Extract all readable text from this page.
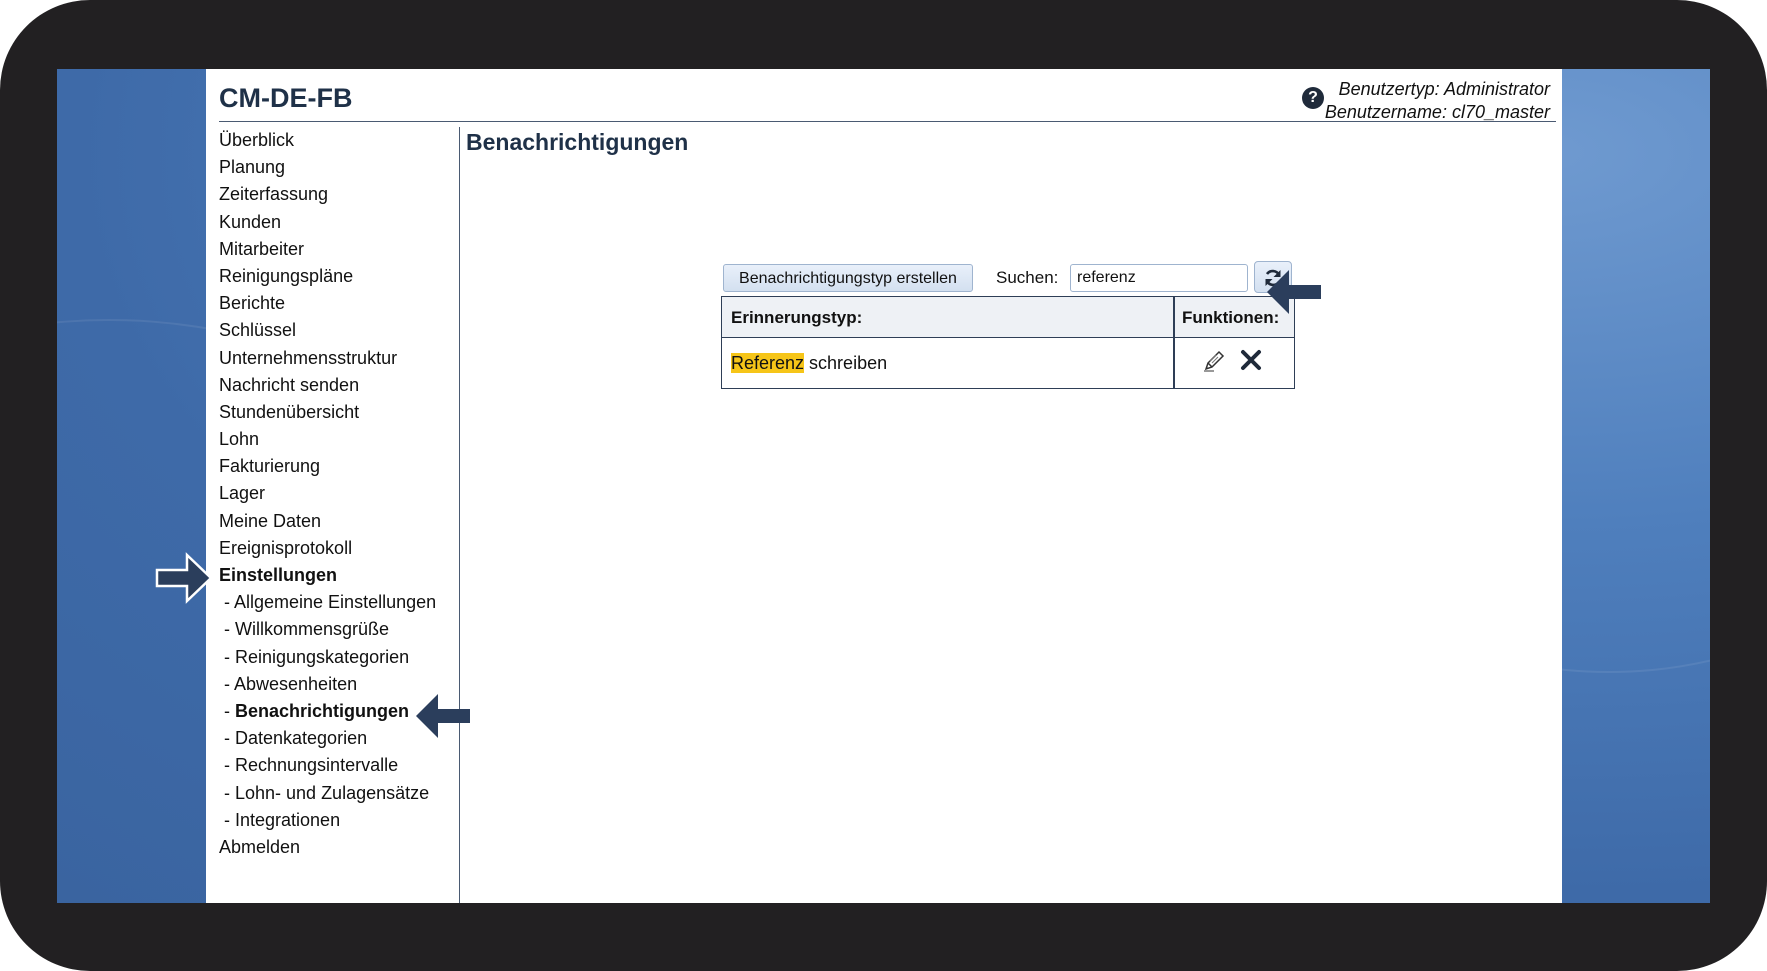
CM-DE-FB	?	Benutzertyp: Administrator
Benutzername: cl70_master
Überblick
Planung
Zeiterfassung
Kunden
Mitarbeiter
Reinigungspläne
Berichte
Schlüssel
Unternehmensstruktur
Nachricht senden
Stundenübersicht
Lohn
Fakturierung
Lager
Meine Daten
Ereignisprotokoll
Einstellungen
- Allgemeine Einstellungen
- Willkommensgrüße
- Reinigungskategorien
- Abwesenheiten
- Benachrichtigungen
- Datenkategorien
- Rechnungsintervalle
- Lohn- und Zulagensätze
- Integrationen
Abmelden
Benachrichtigungen
Benachrichtigungstyp erstellen	Suchen:
referenz
Erinnerungstyp:	Funktionen:
Referenz schreiben
